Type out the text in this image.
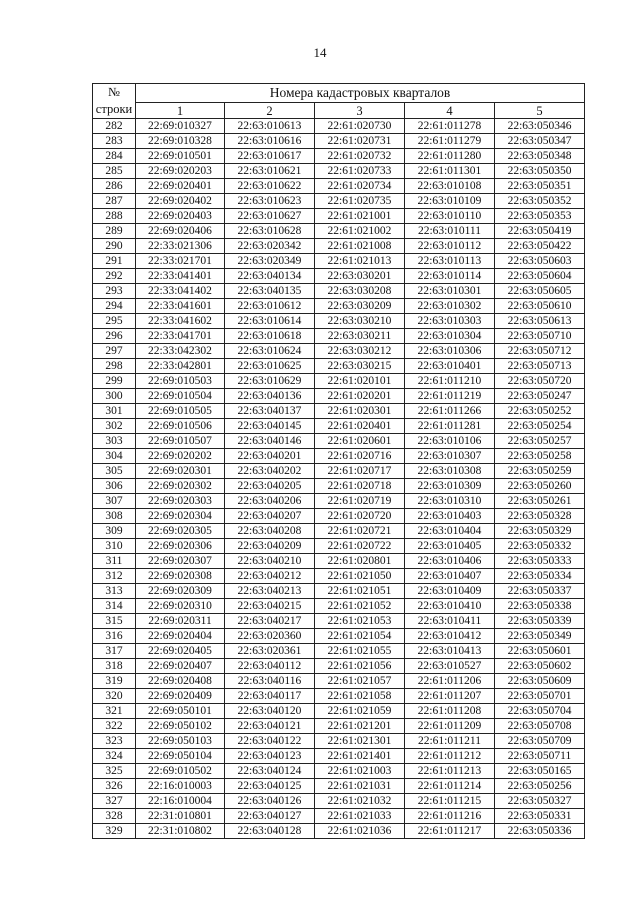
14
№
строки	Номера кадастровых кварталов				
	1	2	3	4	5
282	22:69:010327	22:63:010613	22:61:020730	22:61:011278	22:63:050346
283	22:69:010328	22:63:010616	22:61:020731	22:61:011279	22:63:050347
284	22:69:010501	22:63:010617	22:61:020732	22:61:011280	22:63:050348
285	22:69:020203	22:63:010621	22:61:020733	22:61:011301	22:63:050350
286	22:69:020401	22:63:010622	22:61:020734	22:63:010108	22:63:050351
287	22:69:020402	22:63:010623	22:61:020735	22:63:010109	22:63:050352
288	22:69:020403	22:63:010627	22:61:021001	22:63:010110	22:63:050353
289	22:69:020406	22:63:010628	22:61:021002	22:63:010111	22:63:050419
290	22:33:021306	22:63:020342	22:61:021008	22:63:010112	22:63:050422
291	22:33:021701	22:63:020349	22:61:021013	22:63:010113	22:63:050603
292	22:33:041401	22:63:040134	22:63:030201	22:63:010114	22:63:050604
293	22:33:041402	22:63:040135	22:63:030208	22:63:010301	22:63:050605
294	22:33:041601	22:63:010612	22:63:030209	22:63:010302	22:63:050610
295	22:33:041602	22:63:010614	22:63:030210	22:63:010303	22:63:050613
296	22:33:041701	22:63:010618	22:63:030211	22:63:010304	22:63:050710
297	22:33:042302	22:63:010624	22:63:030212	22:63:010306	22:63:050712
298	22:33:042801	22:63:010625	22:63:030215	22:63:010401	22:63:050713
299	22:69:010503	22:63:010629	22:61:020101	22:61:011210	22:63:050720
300	22:69:010504	22:63:040136	22:61:020201	22:61:011219	22:63:050247
301	22:69:010505	22:63:040137	22:61:020301	22:61:011266	22:63:050252
302	22:69:010506	22:63:040145	22:61:020401	22:61:011281	22:63:050254
303	22:69:010507	22:63:040146	22:61:020601	22:63:010106	22:63:050257
304	22:69:020202	22:63:040201	22:61:020716	22:63:010307	22:63:050258
305	22:69:020301	22:63:040202	22:61:020717	22:63:010308	22:63:050259
306	22:69:020302	22:63:040205	22:61:020718	22:63:010309	22:63:050260
307	22:69:020303	22:63:040206	22:61:020719	22:63:010310	22:63:050261
308	22:69:020304	22:63:040207	22:61:020720	22:63:010403	22:63:050328
309	22:69:020305	22:63:040208	22:61:020721	22:63:010404	22:63:050329
310	22:69:020306	22:63:040209	22:61:020722	22:63:010405	22:63:050332
311	22:69:020307	22:63:040210	22:61:020801	22:63:010406	22:63:050333
312	22:69:020308	22:63:040212	22:61:021050	22:63:010407	22:63:050334
313	22:69:020309	22:63:040213	22:61:021051	22:63:010409	22:63:050337
314	22:69:020310	22:63:040215	22:61:021052	22:63:010410	22:63:050338
315	22:69:020311	22:63:040217	22:61:021053	22:63:010411	22:63:050339
316	22:69:020404	22:63:020360	22:61:021054	22:63:010412	22:63:050349
317	22:69:020405	22:63:020361	22:61:021055	22:63:010413	22:63:050601
318	22:69:020407	22:63:040112	22:61:021056	22:63:010527	22:63:050602
319	22:69:020408	22:63:040116	22:61:021057	22:61:011206	22:63:050609
320	22:69:020409	22:63:040117	22:61:021058	22:61:011207	22:63:050701
321	22:69:050101	22:63:040120	22:61:021059	22:61:011208	22:63:050704
322	22:69:050102	22:63:040121	22:61:021201	22:61:011209	22:63:050708
323	22:69:050103	22:63:040122	22:61:021301	22:61:011211	22:63:050709
324	22:69:050104	22:63:040123	22:61:021401	22:61:011212	22:63:050711
325	22:69:010502	22:63:040124	22:61:021003	22:61:011213	22:63:050165
326	22:16:010003	22:63:040125	22:61:021031	22:61:011214	22:63:050256
327	22:16:010004	22:63:040126	22:61:021032	22:61:011215	22:63:050327
328	22:31:010801	22:63:040127	22:61:021033	22:61:011216	22:63:050331
329	22:31:010802	22:63:040128	22:61:021036	22:61:011217	22:63:050336
